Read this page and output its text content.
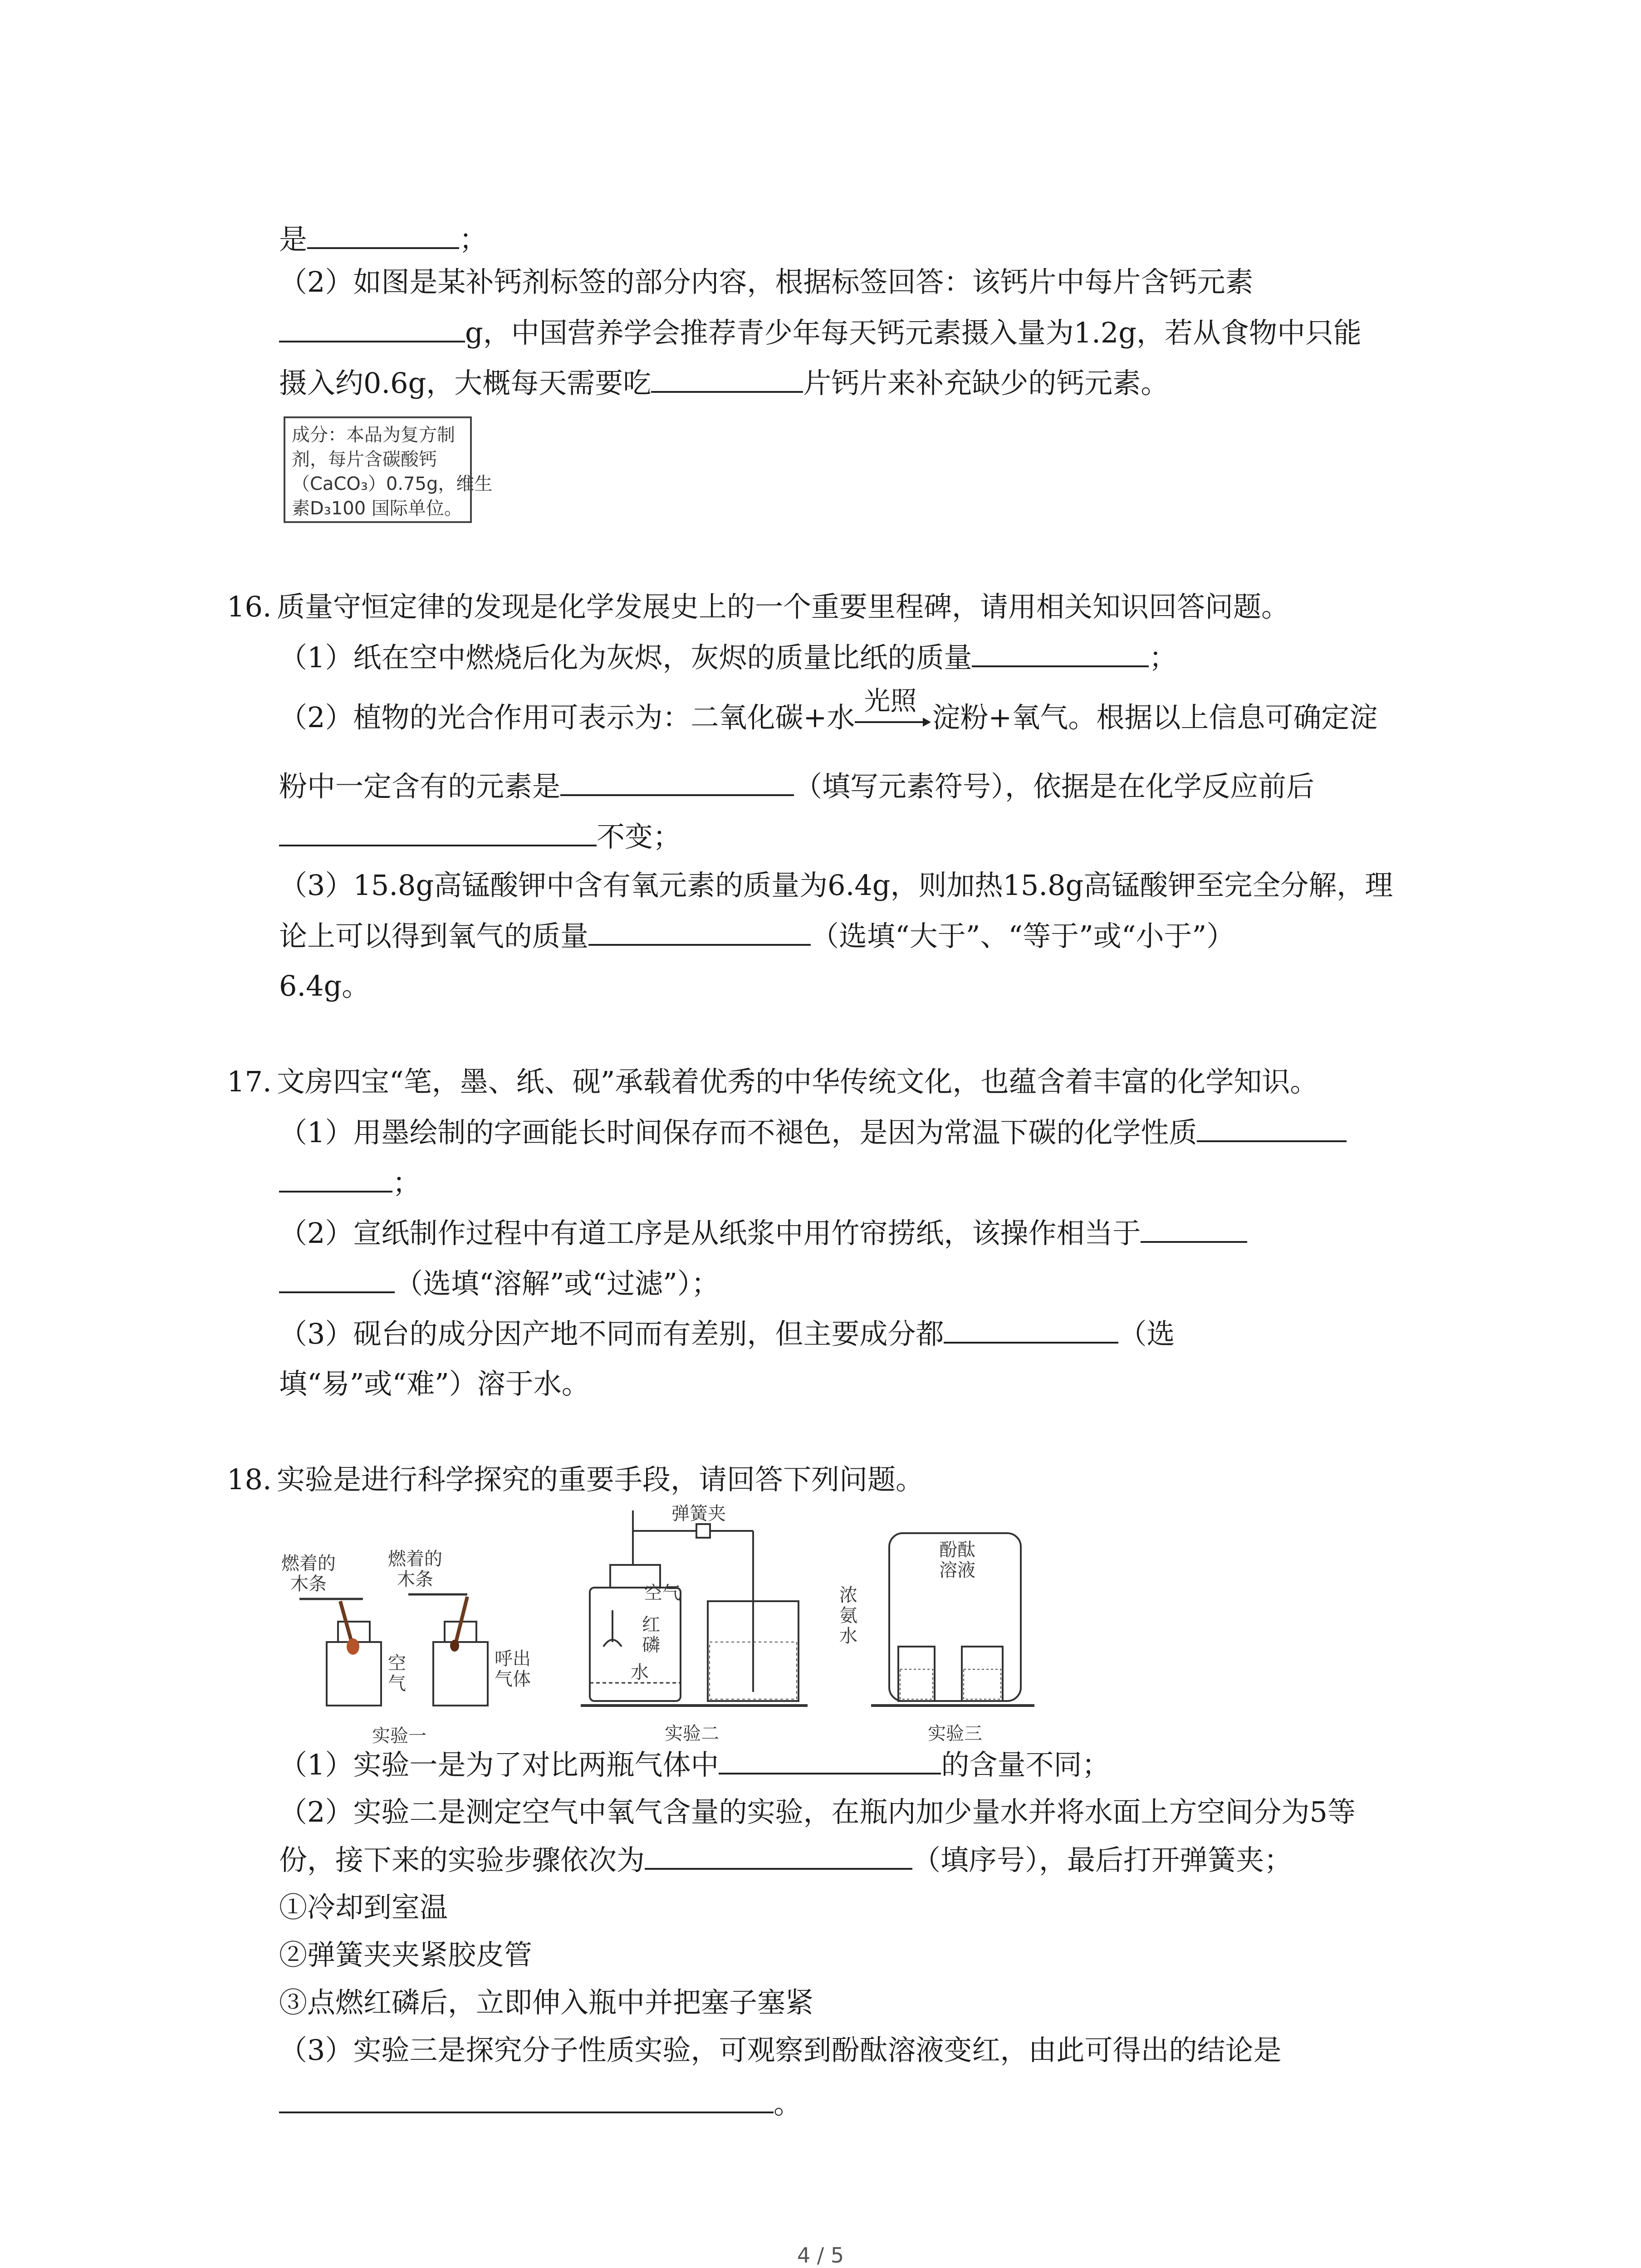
是	；
（2）如图是某补钙剂标签的部分内容，根据标签回答：该钙片中每片含钙元素
g，中国营养学会推荐青少年每天钙元素摄入量为1.2g，若从食物中只能
摄入约0.6g，大概每天需要吃	片钙片来补充缺少的钙元素。
成分：本品为复方制
剂，每片含碳酸钙
（CaCO₃）0.75g，维生
素D₃100 国际单位。
16. 质量守恒定律的发现是化学发展史上的一个重要里程碑，请用相关知识回答问题。
（1）纸在空中燃烧后化为灰烬，灰烬的质量比纸的质量	；
（2）植物的光合作用可表示为：二氧化碳+水
光照
淀粉+氧气。根据以上信息可确定淀
粉中一定含有的元素是	（填写元素符号），依据是在化学反应前后
不变；
（3）15.8g高锰酸钾中含有氧元素的质量为6.4g，则加热15.8g高锰酸钾至完全分解，理
论上可以得到氧气的质量	（选填“大于”、“等于”或“小于”）
6.4g。
17. 文房四宝“笔，墨、纸、砚”承载着优秀的中华传统文化，也蕴含着丰富的化学知识。
（1）用墨绘制的字画能长时间保存而不褪色，是因为常温下碳的化学性质
；
（2）宣纸制作过程中有道工序是从纸浆中用竹帘捞纸，该操作相当于
（选填“溶解”或“过滤”）；
（3）砚台的成分因产地不同而有差别，但主要成分都	（选
填“易”或“难”）溶于水。
18. 实验是进行科学探究的重要手段，请回答下列问题。
燃着的
木条
燃着的
木条
空
气
呼出
气体
实验一
弹簧夹
空气
红
磷
水
实验二
浓
氨
水
酚酞
溶液
实验三
（1）实验一是为了对比两瓶气体中	的含量不同；
（2）实验二是测定空气中氧气含量的实验，在瓶内加少量水并将水面上方空间分为5等
份，接下来的实验步骤依次为	（填序号），最后打开弹簧夹；
①冷却到室温
②弹簧夹夹紧胶皮管
③点燃红磷后，立即伸入瓶中并把塞子塞紧
（3）实验三是探究分子性质实验，可观察到酚酞溶液变红，由此可得出的结论是
。
4 / 5
